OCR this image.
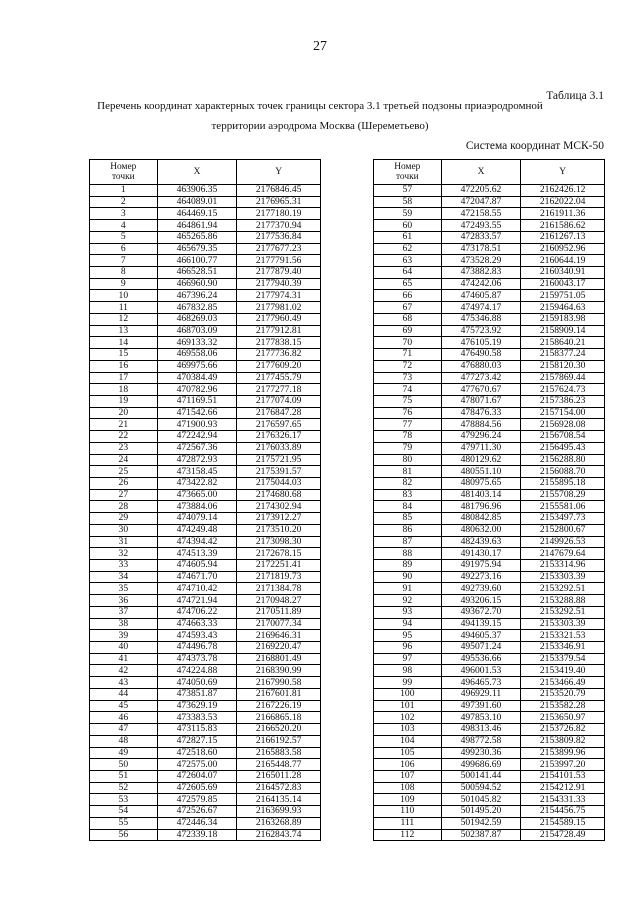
27
Таблица 3.1
Перечень координат характерных точек границы сектора 3.1 третьей подзоны приаэродромной
территории аэродрома Москва (Шереметьево)
Система координат МСК-50
Номер
точки	X	Y
1	463906.35	2176846.45
2	464089.01	2176965.31
3	464469.15	2177180.19
4	464861.94	2177370.94
5	465265.86	2177536.84
6	465679.35	2177677.23
7	466100.77	2177791.56
8	466528.51	2177879.40
9	466960.90	2177940.39
10	467396.24	2177974.31
11	467832.85	2177981.02
12	468269.03	2177960.49
13	468703.09	2177912.81
14	469133.32	2177838.15
15	469558.06	2177736.82
16	469975.66	2177609.20
17	470384.49	2177455.79
18	470782.96	2177277.18
19	471169.51	2177074.09
20	471542.66	2176847.28
21	471900.93	2176597.65
22	472242.94	2176326.17
23	472567.36	2176033.89
24	472872.93	2175721.95
25	473158.45	2175391.57
26	473422.82	2175044.03
27	473665.00	2174680.68
28	473884.06	2174302.94
29	474079.14	2173912.27
30	474249.48	2173510.20
31	474394.42	2173098.30
32	474513.39	2172678.15
33	474605.94	2172251.41
34	474671.70	2171819.73
35	474710.42	2171384.78
36	474721.94	2170948.27
37	474706.22	2170511.89
38	474663.33	2170077.34
39	474593.43	2169646.31
40	474496.78	2169220.47
41	474373.78	2168801.49
42	474224.88	2168390.99
43	474050.69	2167990.58
44	473851.87	2167601.81
45	473629.19	2167226.19
46	473383.53	2166865.18
47	473115.83	2166520.20
48	472827.15	2166192.57
49	472518.60	2165883.58
50	472575.00	2165448.77
51	472604.07	2165011.28
52	472605.69	2164572.83
53	472579.85	2164135.14
54	472526.67	2163699.93
55	472446.34	2163268.89
56	472339.18	2162843.74
Номер
точки	X	Y
57	472205.62	2162426.12
58	472047.87	2162022.04
59	472158.55	2161911.36
60	472493.55	2161586.62
61	472833.57	2161267.13
62	473178.51	2160952.96
63	473528.29	2160644.19
64	473882.83	2160340.91
65	474242.06	2160043.17
66	474605.87	2159751.05
67	474974.17	2159464.63
68	475346.88	2159183.98
69	475723.92	2158909.14
70	476105.19	2158640.21
71	476490.58	2158377.24
72	476880.03	2158120.30
73	477273.42	2157869.44
74	477670.67	2157624.73
75	478071.67	2157386.23
76	478476.33	2157154.00
77	478884.56	2156928.08
78	479296.24	2156708.54
79	479711.30	2156495.43
80	480129.62	2156288.80
81	480551.10	2156088.70
82	480975.65	2155895.18
83	481403.14	2155708.29
84	481796.96	2155581.06
85	480842.85	2153497.73
86	480632.00	2152800.67
87	482439.63	2149926.53
88	491430.17	2147679.64
89	491975.94	2153314.96
90	492273.16	2153303.39
91	492739.60	2153292.51
92	493206.15	2153288.88
93	493672.70	2153292.51
94	494139.15	2153303.39
95	494605.37	2153321.53
96	495071.24	2153346.91
97	495536.66	2153379.54
98	496001.53	2153419.40
99	496465.73	2153466.49
100	496929.11	2153520.79
101	497391.60	2153582.28
102	497853.10	2153650.97
103	498313.46	2153726.82
104	498772.58	2153809.82
105	499230.36	2153899.96
106	499686.69	2153997.20
107	500141.44	2154101.53
108	500594.52	2154212.91
109	501045.82	2154331.33
110	501495.20	2154456.75
111	501942.59	2154589.15
112	502387.87	2154728.49
